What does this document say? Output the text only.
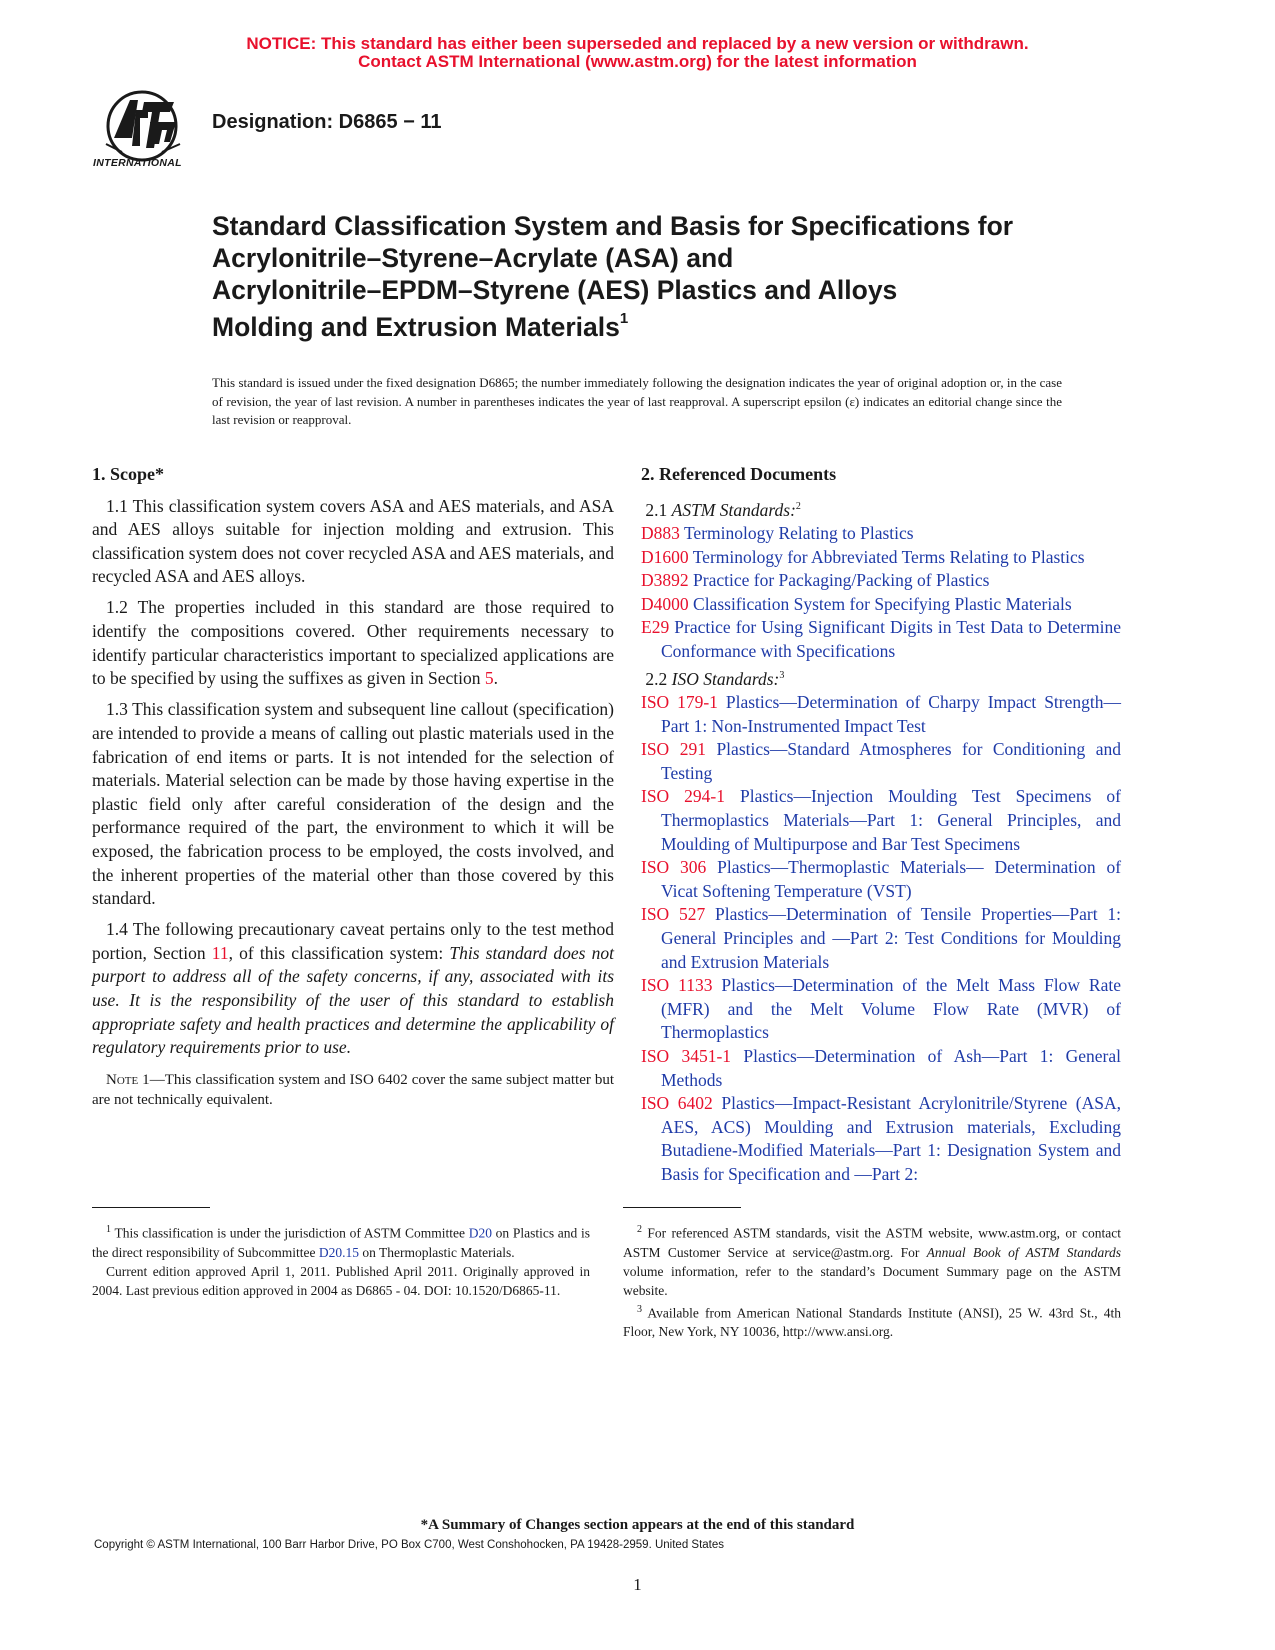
NOTICE: This standard has either been superseded and replaced by a new version or withdrawn.
Contact ASTM International (www.astm.org) for the latest information
INTERNATIONAL
Designation: D6865 − 11
Standard Classification System and Basis for Specifications for
Acrylonitrile–Styrene–Acrylate (ASA) and
Acrylonitrile–EPDM–Styrene (AES) Plastics and Alloys
Molding and Extrusion Materials$^1$
This standard is issued under the fixed designation D6865; the number immediately following the designation indicates the year of original adoption or, in the case of revision, the year of last revision. A number in parentheses indicates the year of last reapproval. A superscript epsilon (ε) indicates an editorial change since the last revision or reapproval.
1. Scope*

1.1 This classification system covers ASA and AES materials, and ASA and AES alloys suitable for injection molding and extrusion. This classification system does not cover recycled ASA and AES materials, and recycled ASA and AES alloys.

1.2 The properties included in this standard are those required to identify the compositions covered. Other requirements necessary to identify particular characteristics important to specialized applications are to be specified by using the suffixes as given in Section 5.

1.3 This classification system and subsequent line callout (specification) are intended to provide a means of calling out plastic materials used in the fabrication of end items or parts. It is not intended for the selection of materials. Material selection can be made by those having expertise in the plastic field only after careful consideration of the design and the performance required of the part, the environment to which it will be exposed, the fabrication process to be employed, the costs involved, and the inherent properties of the material other than those covered by this standard.

1.4 The following precautionary caveat pertains only to the test method portion, Section 11, of this classification system: This standard does not purport to address all of the safety concerns, if any, associated with its use. It is the responsibility of the user of this standard to establish appropriate safety and health practices and determine the applicability of regulatory requirements prior to use.

Note 1—This classification system and ISO 6402 cover the same subject matter but are not technically equivalent.

2. Referenced Documents

2.1 ASTM Standards:$^2$

D883 Terminology Relating to Plastics

D1600 Terminology for Abbreviated Terms Relating to Plastics

D3892 Practice for Packaging/Packing of Plastics

D4000 Classification System for Specifying Plastic Materials

E29 Practice for Using Significant Digits in Test Data to Determine Conformance with Specifications

2.2 ISO Standards:$^3$

ISO 179-1 Plastics—Determination of Charpy Impact Strength—Part 1: Non-Instrumented Impact Test

ISO 291 Plastics—Standard Atmospheres for Conditioning and Testing

ISO 294-1 Plastics—Injection Moulding Test Specimens of Thermoplastics Materials—Part 1: General Principles, and Moulding of Multipurpose and Bar Test Specimens

ISO 306 Plastics—Thermoplastic Materials— Determination of Vicat Softening Temperature (VST)

ISO 527 Plastics—Determination of Tensile Properties—Part 1: General Principles and —Part 2: Test Conditions for Moulding and Extrusion Materials

ISO 1133 Plastics—Determination of the Melt Mass Flow Rate (MFR) and the Melt Volume Flow Rate (MVR) of Thermoplastics

ISO 3451-1 Plastics—Determination of Ash—Part 1: General Methods

ISO 6402 Plastics—Impact-Resistant Acrylonitrile/Styrene (ASA, AES, ACS) Moulding and Extrusion materials, Excluding Butadiene-Modified Materials—Part 1: Designation System and Basis for Specification and —Part 2:

$^1$ This classification is under the jurisdiction of ASTM Committee D20 on Plastics and is the direct responsibility of Subcommittee D20.15 on Thermoplastic Materials.

Current edition approved April 1, 2011. Published April 2011. Originally approved in 2004. Last previous edition approved in 2004 as D6865 - 04. DOI: 10.1520/D6865-11.

$^2$ For referenced ASTM standards, visit the ASTM website, www.astm.org, or contact ASTM Customer Service at service@astm.org. For Annual Book of ASTM Standards volume information, refer to the standard’s Document Summary page on the ASTM website.

$^3$ Available from American National Standards Institute (ANSI), 25 W. 43rd St., 4th Floor, New York, NY 10036, http://www.ansi.org.

*A Summary of Changes section appears at the end of this standard
Copyright © ASTM International, 100 Barr Harbor Drive, PO Box C700, West Conshohocken, PA 19428-2959. United States
1
